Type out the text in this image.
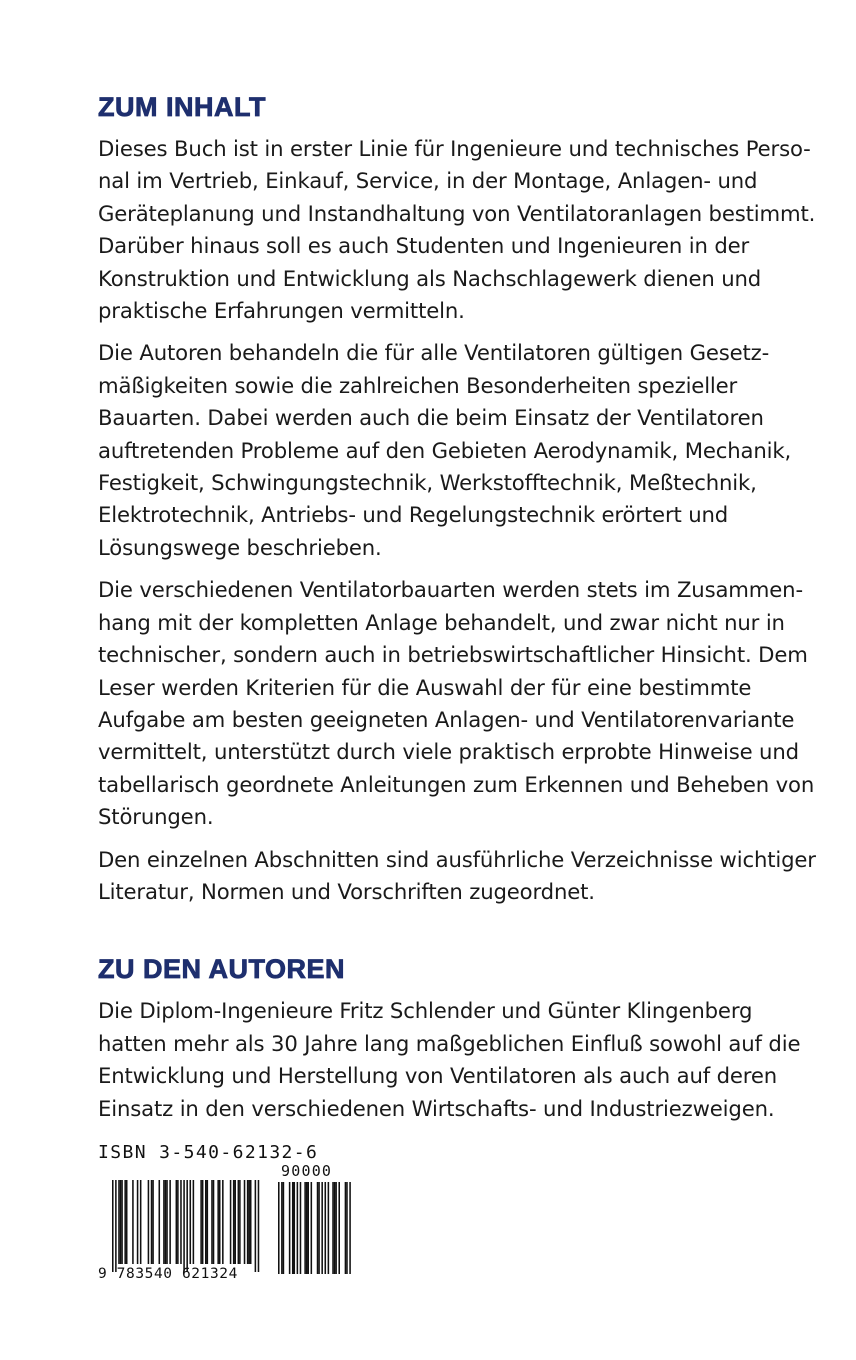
ZUM INHALT

Dieses Buch ist in erster Linie für Ingenieure und technisches Perso-
nal im Vertrieb, Einkauf, Service, in der Montage, Anlagen- und
Geräteplanung und Instandhaltung von Ventilatoranlagen bestimmt.
Darüber hinaus soll es auch Studenten und Ingenieuren in der
Konstruktion und Entwicklung als Nachschlagewerk dienen und
praktische Erfahrungen vermitteln.

Die Autoren behandeln die für alle Ventilatoren gültigen Gesetz-
mäßigkeiten sowie die zahlreichen Besonderheiten spezieller
Bauarten. Dabei werden auch die beim Einsatz der Ventilatoren
auftretenden Probleme auf den Gebieten Aerodynamik, Mechanik,
Festigkeit, Schwingungstechnik, Werkstofftechnik, Meßtechnik,
Elektrotechnik, Antriebs- und Regelungstechnik erörtert und
Lösungswege beschrieben.

Die verschiedenen Ventilatorbauarten werden stets im Zusammen-
hang mit der kompletten Anlage behandelt, und zwar nicht nur in
technischer, sondern auch in betriebswirtschaftlicher Hinsicht. Dem
Leser werden Kriterien für die Auswahl der für eine bestimmte
Aufgabe am besten geeigneten Anlagen- und Ventilatorenvariante
vermittelt, unterstützt durch viele praktisch erprobte Hinweise und
tabellarisch geordnete Anleitungen zum Erkennen und Beheben von
Störungen.

Den einzelnen Abschnitten sind ausführliche Verzeichnisse wichtiger
Literatur, Normen und Vorschriften zugeordnet.

ZU DEN AUTOREN

Die Diplom-Ingenieure Fritz Schlender und Günter Klingenberg
hatten mehr als 30 Jahre lang maßgeblichen Einfluß sowohl auf die
Entwicklung und Herstellung von Ventilatoren als auch auf deren
Einsatz in den verschiedenen Wirtschafts- und Industriezweigen.

ISBN 3-540-62132-6
90000
9 783540 621324
